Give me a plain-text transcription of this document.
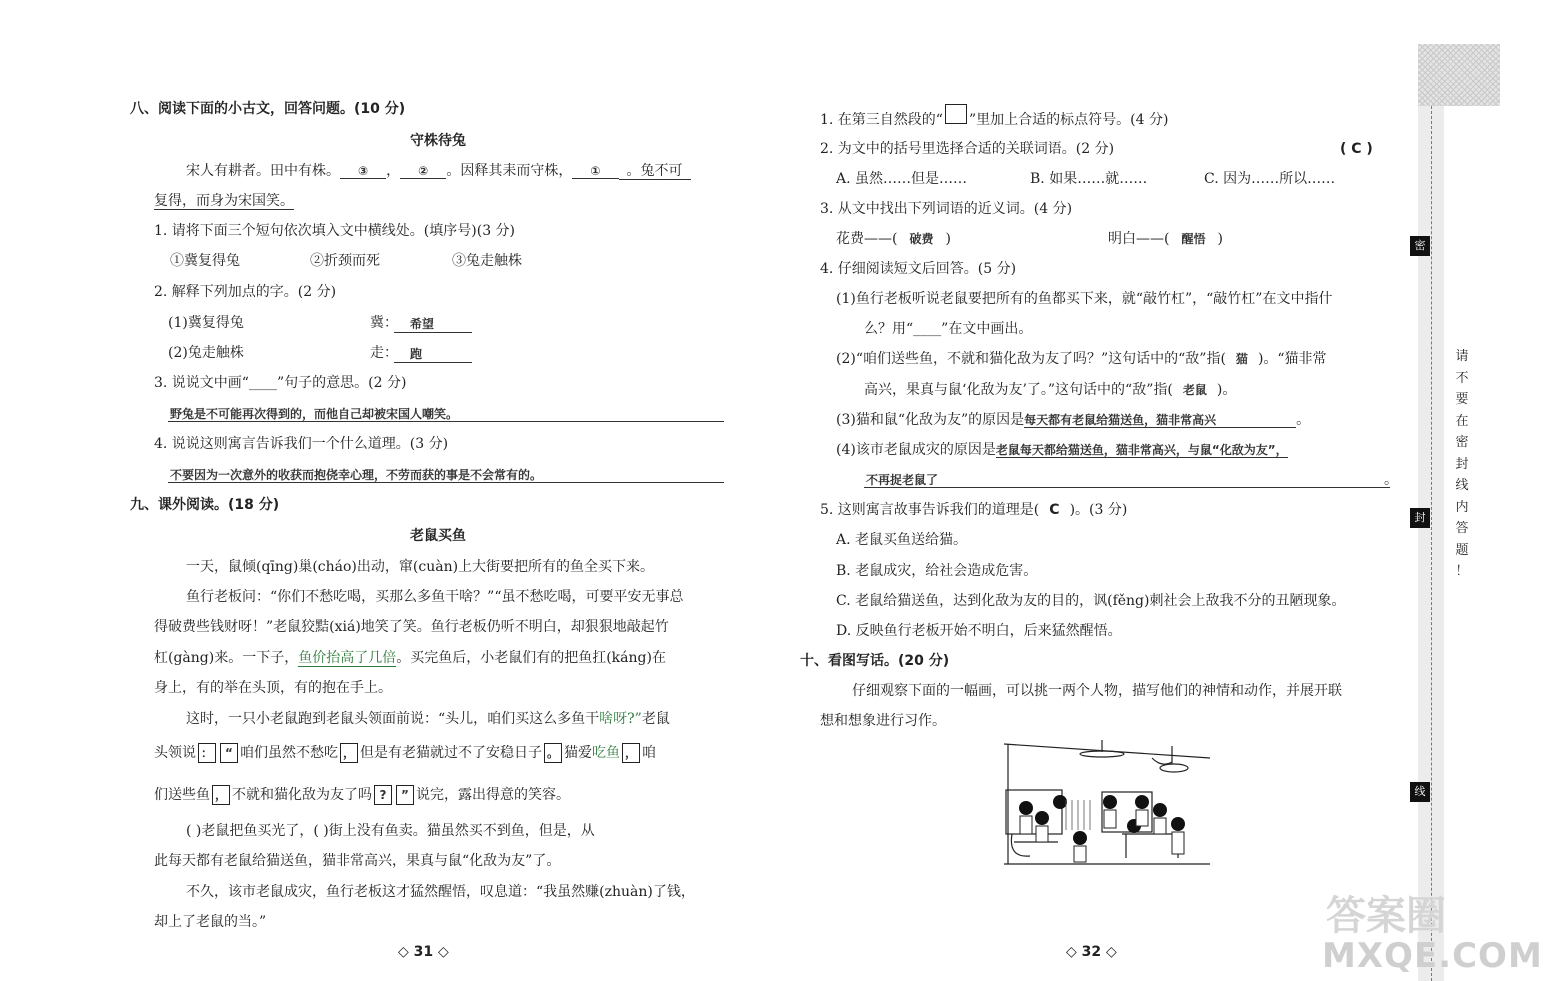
八、阅读下面的小古文，回答问题。(10 分)
守株待兔
宋人有耕者。田中有株。 ③ ， ② 。因释其耒而守株， ① 。兔不可
复得，而身为宋国笑。
1. 请将下面三个短句依次填入文中横线处。(填序号)(3 分)
①冀复得兔	②折颈而死	③兔走触株
2. 解释下列加点的字。(2 分)
(1)冀复得兔	冀： 希望
(2)兔走触株	走： 跑
3. 说说文中画“____”句子的意思。(2 分)
野兔是不可能再次得到的，而他自己却被宋国人嘲笑。
4. 说说这则寓言告诉我们一个什么道理。(3 分)
不要因为一次意外的收获而抱侥幸心理，不劳而获的事是不会常有的。
九、课外阅读。(18 分)
老鼠买鱼
一天，鼠倾(qīng)巢(cháo)出动，窜(cuàn)上大街要把所有的鱼全买下来。
鱼行老板问：“你们不愁吃喝，买那么多鱼干啥？”“虽不愁吃喝，可要平安无事总
得破费些钱财呀！”老鼠狡黠(xiá)地笑了笑。鱼行老板仍听不明白，却狠狠地敲起竹
杠(gàng)来。一下子，鱼价抬高了几倍。买完鱼后，小老鼠们有的把鱼扛(káng)在
身上，有的举在头顶，有的抱在手上。
这时，一只小老鼠跑到老鼠头领面前说：“头儿，咱们买这么多鱼干啥呀?”老鼠
头领说 ： “ 咱们虽然不愁吃 ， 但是有老猫就过不了安稳日子 。 猫爱吃鱼 ， 咱
们送些鱼 ， 不就和猫化敌为友了吗 ? ” 说完，露出得意的笑容。
( )老鼠把鱼买光了，( )街上没有鱼卖。猫虽然买不到鱼，但是，从
此每天都有老鼠给猫送鱼，猫非常高兴，果真与鼠“化敌为友”了。
不久，该市老鼠成灾，鱼行老板这才猛然醒悟，叹息道：“我虽然赚(zhuàn)了钱，
却上了老鼠的当。”
◇ 31 ◇
1. 在第三自然段的“ ”里加上合适的标点符号。(4 分)
2. 为文中的括号里选择合适的关联词语。(2 分)	( C )
A. 虽然……但是……	B. 如果……就……	C. 因为……所以……
3. 从文中找出下列词语的近义词。(4 分)
花费——( 破费 )	明白——( 醒悟 )
4. 仔细阅读短文后回答。(5 分)
(1)鱼行老板听说老鼠要把所有的鱼都买下来，就“敲竹杠”，“敲竹杠”在文中指什
么？用“____”在文中画出。
(2)“咱们送些鱼，不就和猫化敌为友了吗？”这句话中的“敌”指( 猫 )。“猫非常
高兴，果真与鼠‘化敌为友’了。”这句话中的“敌”指( 老鼠 )。
(3)猫和鼠“化敌为友”的原因是每天都有老鼠给猫送鱼，猫非常高兴	。
(4)该市老鼠成灾的原因是老鼠每天都给猫送鱼，猫非常高兴，与鼠“化敌为友”，
不再捉老鼠了	。
5. 这则寓言故事告诉我们的道理是( C )。(3 分)
A. 老鼠买鱼送给猫。
B. 老鼠成灾，给社会造成危害。
C. 老鼠给猫送鱼，达到化敌为友的目的，讽(fěng)刺社会上敌我不分的丑陋现象。
D. 反映鱼行老板开始不明白，后来猛然醒悟。
十、看图写话。(20 分)
仔细观察下面的一幅画，可以挑一两个人物，描写他们的神情和动作，并展开联
想和想象进行习作。
◇ 32 ◇
密
封
线
请
不
要
在
密
封
线
内
答
题
！
答案圈
MXQE.COM
